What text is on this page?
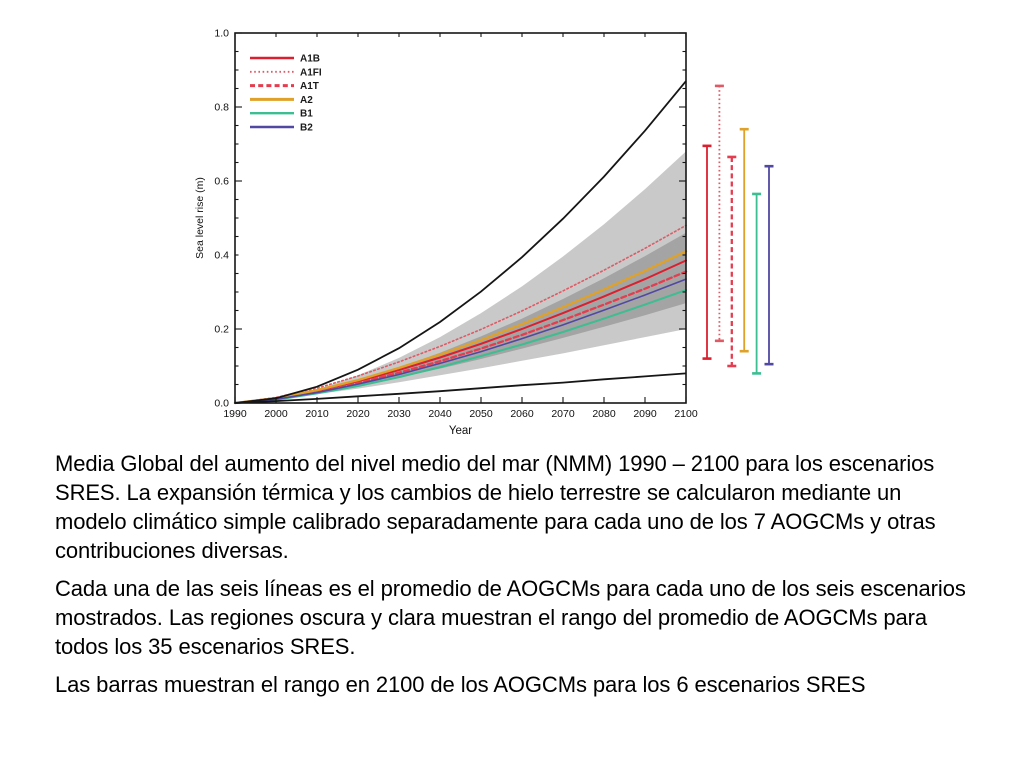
1990 2000 2010 2020 2030 2040 2050 2060 2070 2080 2090 2100
0.0
0.2
0.4
0.6
0.8
1.0
Year
Sea level rise (m)
A1B
A1FI
A1T
A2
B1
B2

Media Global del aumento del nivel medio del mar (NMM) 1990 – 2100 para los escenarios SRES. La expansión térmica y los cambios de hielo terrestre se calcularon mediante un modelo climático simple calibrado separadamente para cada uno de los 7 AOGCMs y otras contribuciones diversas.

Cada una de las seis líneas es el promedio de AOGCMs para cada uno de los seis escenarios mostrados. Las regiones oscura y clara muestran el rango del promedio de AOGCMs para todos los 35 escenarios SRES.

Las barras muestran el rango en 2100 de los AOGCMs para los 6 escenarios SRES
